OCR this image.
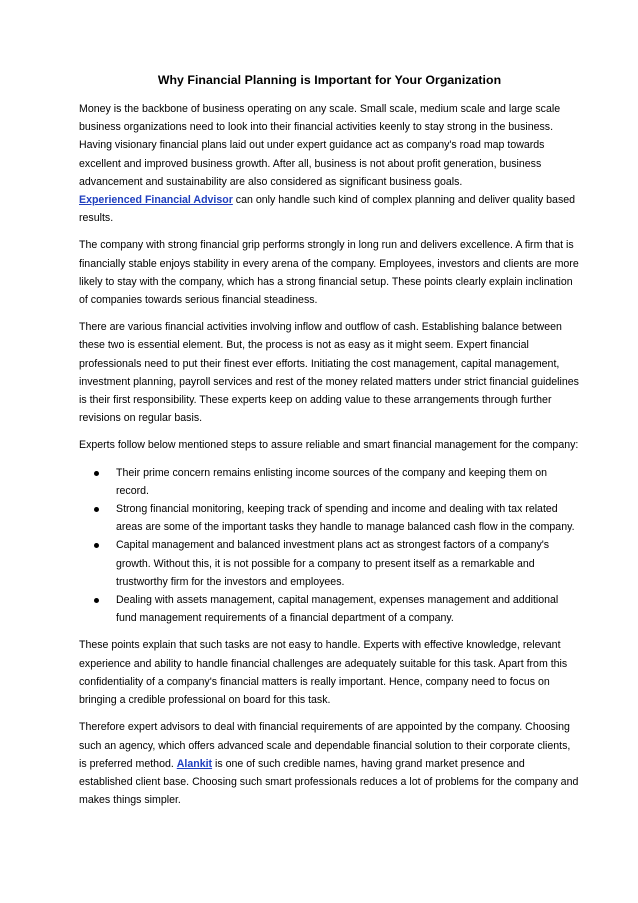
Why Financial Planning is Important for Your Organization

Money is the backbone of business operating on any scale. Small scale, medium scale and large scale business organizations need to look into their financial activities keenly to stay strong in the business. Having visionary financial plans laid out under expert guidance act as company's road map towards excellent and improved business growth. After all, business is not about profit generation, business advancement and sustainability are also considered as significant business goals.
Experienced Financial Advisor can only handle such kind of complex planning and deliver quality based results.

The company with strong financial grip performs strongly in long run and delivers excellence. A firm that is financially stable enjoys stability in every arena of the company. Employees, investors and clients are more likely to stay with the company, which has a strong financial setup. These points clearly explain inclination of companies towards serious financial steadiness.

There are various financial activities involving inflow and outflow of cash. Establishing balance between these two is essential element. But, the process is not as easy as it might seem. Expert financial professionals need to put their finest ever efforts. Initiating the cost management, capital management, investment planning, payroll services and rest of the money related matters under strict financial guidelines is their first responsibility. These experts keep on adding value to these arrangements through further revisions on regular basis.

Experts follow below mentioned steps to assure reliable and smart financial management for the company:

Their prime concern remains enlisting income sources of the company and keeping them on record.
Strong financial monitoring, keeping track of spending and income and dealing with tax related areas are some of the important tasks they handle to manage balanced cash flow in the company.
Capital management and balanced investment plans act as strongest factors of a company's growth. Without this, it is not possible for a company to present itself as a remarkable and trustworthy firm for the investors and employees.
Dealing with assets management, capital management, expenses management and additional fund management requirements of a financial department of a company.

These points explain that such tasks are not easy to handle. Experts with effective knowledge, relevant experience and ability to handle financial challenges are adequately suitable for this task. Apart from this confidentiality of a company's financial matters is really important. Hence, company need to focus on bringing a credible professional on board for this task.

Therefore expert advisors to deal with financial requirements of are appointed by the company. Choosing such an agency, which offers advanced scale and dependable financial solution to their corporate clients, is preferred method. Alankit is one of such credible names, having grand market presence and established client base. Choosing such smart professionals reduces a lot of problems for the company and makes things simpler.
